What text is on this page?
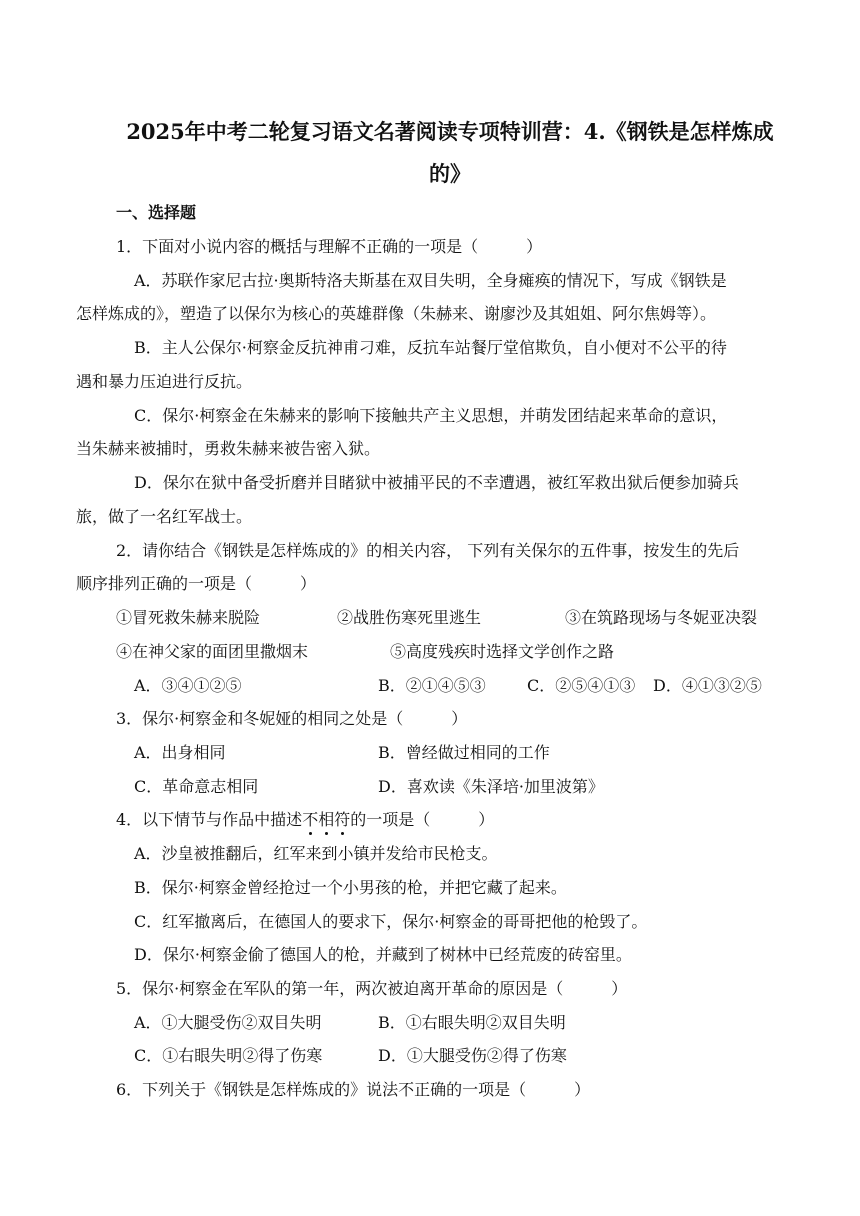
2025年中考二轮复习语文名著阅读专项特训营：4.《钢铁是怎样炼成
的》
一、选择题
1．下面对小说内容的概括与理解不正确的一项是（　　　）
A．苏联作家尼古拉·奥斯特洛夫斯基在双目失明，全身瘫痪的情况下，写成《钢铁是
怎样炼成的》，塑造了以保尔为核心的英雄群像（朱赫来、谢廖沙及其姐姐、阿尔焦姆等）。
B．主人公保尔·柯察金反抗神甫刁难，反抗车站餐厅堂倌欺负，自小便对不公平的待
遇和暴力压迫进行反抗。
C．保尔·柯察金在朱赫来的影响下接触共产主义思想，并萌发团结起来革命的意识，
当朱赫来被捕时，勇救朱赫来被告密入狱。
D．保尔在狱中备受折磨并目睹狱中被捕平民的不幸遭遇，被红军救出狱后便参加骑兵
旅，做了一名红军战士。
2．请你结合《钢铁是怎样炼成的》的相关内容， 下列有关保尔的五件事，按发生的先后
顺序排列正确的一项是（　　　）
①冒死救朱赫来脱险	②战胜伤寒死里逃生	③在筑路现场与冬妮亚决裂
④在神父家的面团里撒烟末	⑤高度残疾时选择文学创作之路
A．③④①②⑤	B．②①④⑤③	C．②⑤④①③ D．④①③②⑤
3．保尔·柯察金和冬妮娅的相同之处是（　　　）
A．出身相同	B．曾经做过相同的工作
C．革命意志相同	D．喜欢读《朱泽培·加里波第》
4．以下情节与作品中描述不相符的一项是（　　　）
A．沙皇被推翻后，红军来到小镇并发给市民枪支。
B．保尔·柯察金曾经抢过一个小男孩的枪，并把它藏了起来。
C．红军撤离后，在德国人的要求下，保尔·柯察金的哥哥把他的枪毁了。
D．保尔·柯察金偷了德国人的枪，并藏到了树林中已经荒废的砖窑里。
5．保尔·柯察金在军队的第一年，两次被迫离开革命的原因是（　　　）
A．①大腿受伤②双目失明	B．①右眼失明②双目失明
C．①右眼失明②得了伤寒	D．①大腿受伤②得了伤寒
6．下列关于《钢铁是怎样炼成的》说法不正确的一项是（　　　）
